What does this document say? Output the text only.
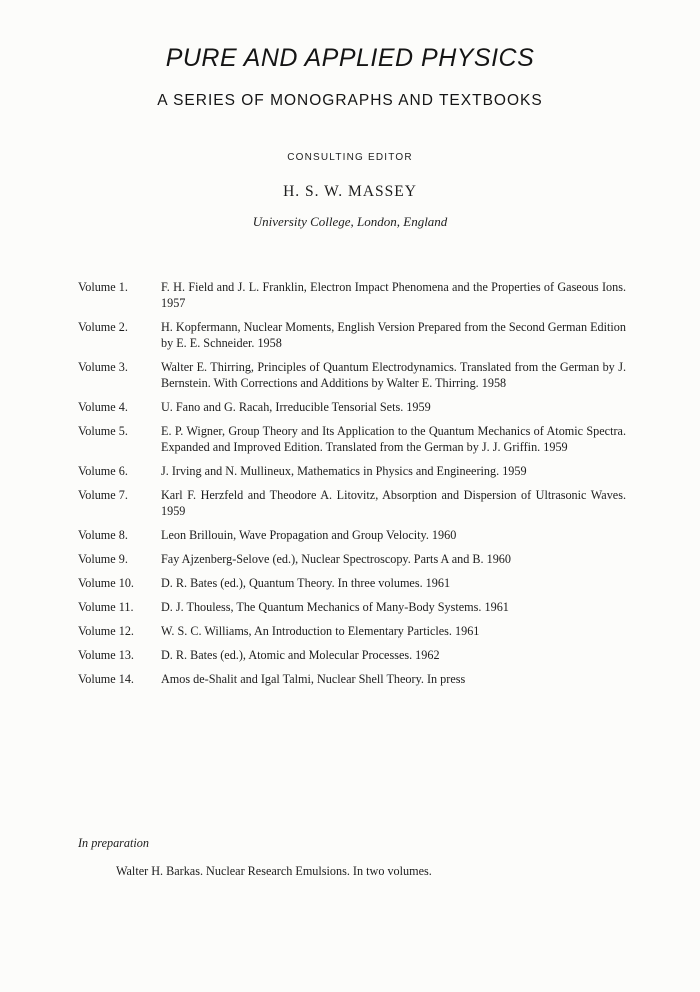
PURE AND APPLIED PHYSICS
A SERIES OF MONOGRAPHS AND TEXTBOOKS
CONSULTING EDITOR
H. S. W. MASSEY
University College, London, England
Volume 1.	F. H. Field and J. L. Franklin, Electron Impact Phenomena and the Properties of Gaseous Ions. 1957
Volume 2.	H. Kopfermann, Nuclear Moments, English Version Prepared from the Second German Edition by E. E. Schneider. 1958
Volume 3.	Walter E. Thirring, Principles of Quantum Electrodynamics. Translated from the German by J. Bernstein. With Corrections and Additions by Walter E. Thirring. 1958
Volume 4.	U. Fano and G. Racah, Irreducible Tensorial Sets. 1959
Volume 5.	E. P. Wigner, Group Theory and Its Application to the Quantum Mechanics of Atomic Spectra. Expanded and Improved Edition. Translated from the German by J. J. Griffin. 1959
Volume 6.	J. Irving and N. Mullineux, Mathematics in Physics and Engineering. 1959
Volume 7.	Karl F. Herzfeld and Theodore A. Litovitz, Absorption and Dispersion of Ultrasonic Waves. 1959
Volume 8.	Leon Brillouin, Wave Propagation and Group Velocity. 1960
Volume 9.	Fay Ajzenberg-Selove (ed.), Nuclear Spectroscopy. Parts A and B. 1960
Volume 10.	D. R. Bates (ed.), Quantum Theory. In three volumes. 1961
Volume 11.	D. J. Thouless, The Quantum Mechanics of Many-Body Systems. 1961
Volume 12.	W. S. C. Williams, An Introduction to Elementary Particles. 1961
Volume 13.	D. R. Bates (ed.), Atomic and Molecular Processes. 1962
Volume 14.	Amos de-Shalit and Igal Talmi, Nuclear Shell Theory. In press
In preparation
Walter H. Barkas. Nuclear Research Emulsions. In two volumes.
